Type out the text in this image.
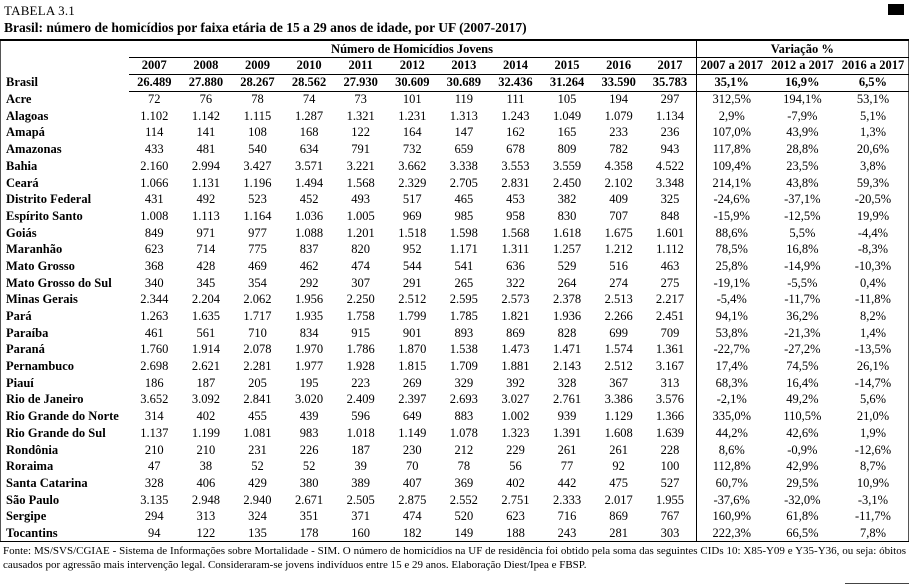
TABELA 3.1
Brasil: número de homicídios por faixa etária de 15 a 29 anos de idade, por UF (2007-2017)
	Número de Homicídios Jovens											Variação %		
	2007	2008	2009	2010	2011	2012	2013	2014	2015	2016	2017	2007 a 2017	2012 a 2017	2016 a 2017
Brasil	26.489	27.880	28.267	28.562	27.930	30.609	30.689	32.436	31.264	33.590	35.783	35,1%	16,9%	6,5%
Acre	72	76	78	74	73	101	119	111	105	194	297	312,5%	194,1%	53,1%
Alagoas	1.102	1.142	1.115	1.287	1.321	1.231	1.313	1.243	1.049	1.079	1.134	2,9%	-7,9%	5,1%
Amapá	114	141	108	168	122	164	147	162	165	233	236	107,0%	43,9%	1,3%
Amazonas	433	481	540	634	791	732	659	678	809	782	943	117,8%	28,8%	20,6%
Bahia	2.160	2.994	3.427	3.571	3.221	3.662	3.338	3.553	3.559	4.358	4.522	109,4%	23,5%	3,8%
Ceará	1.066	1.131	1.196	1.494	1.568	2.329	2.705	2.831	2.450	2.102	3.348	214,1%	43,8%	59,3%
Distrito Federal	431	492	523	452	493	517	465	453	382	409	325	-24,6%	-37,1%	-20,5%
Espírito Santo	1.008	1.113	1.164	1.036	1.005	969	985	958	830	707	848	-15,9%	-12,5%	19,9%
Goiás	849	971	977	1.088	1.201	1.518	1.598	1.568	1.618	1.675	1.601	88,6%	5,5%	-4,4%
Maranhão	623	714	775	837	820	952	1.171	1.311	1.257	1.212	1.112	78,5%	16,8%	-8,3%
Mato Grosso	368	428	469	462	474	544	541	636	529	516	463	25,8%	-14,9%	-10,3%
Mato Grosso do Sul	340	345	354	292	307	291	265	322	264	274	275	-19,1%	-5,5%	0,4%
Minas Gerais	2.344	2.204	2.062	1.956	2.250	2.512	2.595	2.573	2.378	2.513	2.217	-5,4%	-11,7%	-11,8%
Pará	1.263	1.635	1.717	1.935	1.758	1.799	1.785	1.821	1.936	2.266	2.451	94,1%	36,2%	8,2%
Paraíba	461	561	710	834	915	901	893	869	828	699	709	53,8%	-21,3%	1,4%
Paraná	1.760	1.914	2.078	1.970	1.786	1.870	1.538	1.473	1.471	1.574	1.361	-22,7%	-27,2%	-13,5%
Pernambuco	2.698	2.621	2.281	1.977	1.928	1.815	1.709	1.881	2.143	2.512	3.167	17,4%	74,5%	26,1%
Piauí	186	187	205	195	223	269	329	392	328	367	313	68,3%	16,4%	-14,7%
Rio de Janeiro	3.652	3.092	2.841	3.020	2.409	2.397	2.693	3.027	2.761	3.386	3.576	-2,1%	49,2%	5,6%
Rio Grande do Norte	314	402	455	439	596	649	883	1.002	939	1.129	1.366	335,0%	110,5%	21,0%
Rio Grande do Sul	1.137	1.199	1.081	983	1.018	1.149	1.078	1.323	1.391	1.608	1.639	44,2%	42,6%	1,9%
Rondônia	210	210	231	226	187	230	212	229	261	261	228	8,6%	-0,9%	-12,6%
Roraima	47	38	52	52	39	70	78	56	77	92	100	112,8%	42,9%	8,7%
Santa Catarina	328	406	429	380	389	407	369	402	442	475	527	60,7%	29,5%	10,9%
São Paulo	3.135	2.948	2.940	2.671	2.505	2.875	2.552	2.751	2.333	2.017	1.955	-37,6%	-32,0%	-3,1%
Sergipe	294	313	324	351	371	474	520	623	716	869	767	160,9%	61,8%	-11,7%
Tocantins	94	122	135	178	160	182	149	188	243	281	303	222,3%	66,5%	7,8%

Fonte: MS/SVS/CGIAE - Sistema de Informações sobre Mortalidade - SIM. O número de homicídios na UF de residência foi obtido pela soma das seguintes CIDs 10: X85-Y09 e Y35-Y36, ou seja: óbitos causados por agressão mais intervenção legal. Consideraram-se jovens indivíduos entre 15 e 29 anos. Elaboração Diest/Ipea e FBSP.
